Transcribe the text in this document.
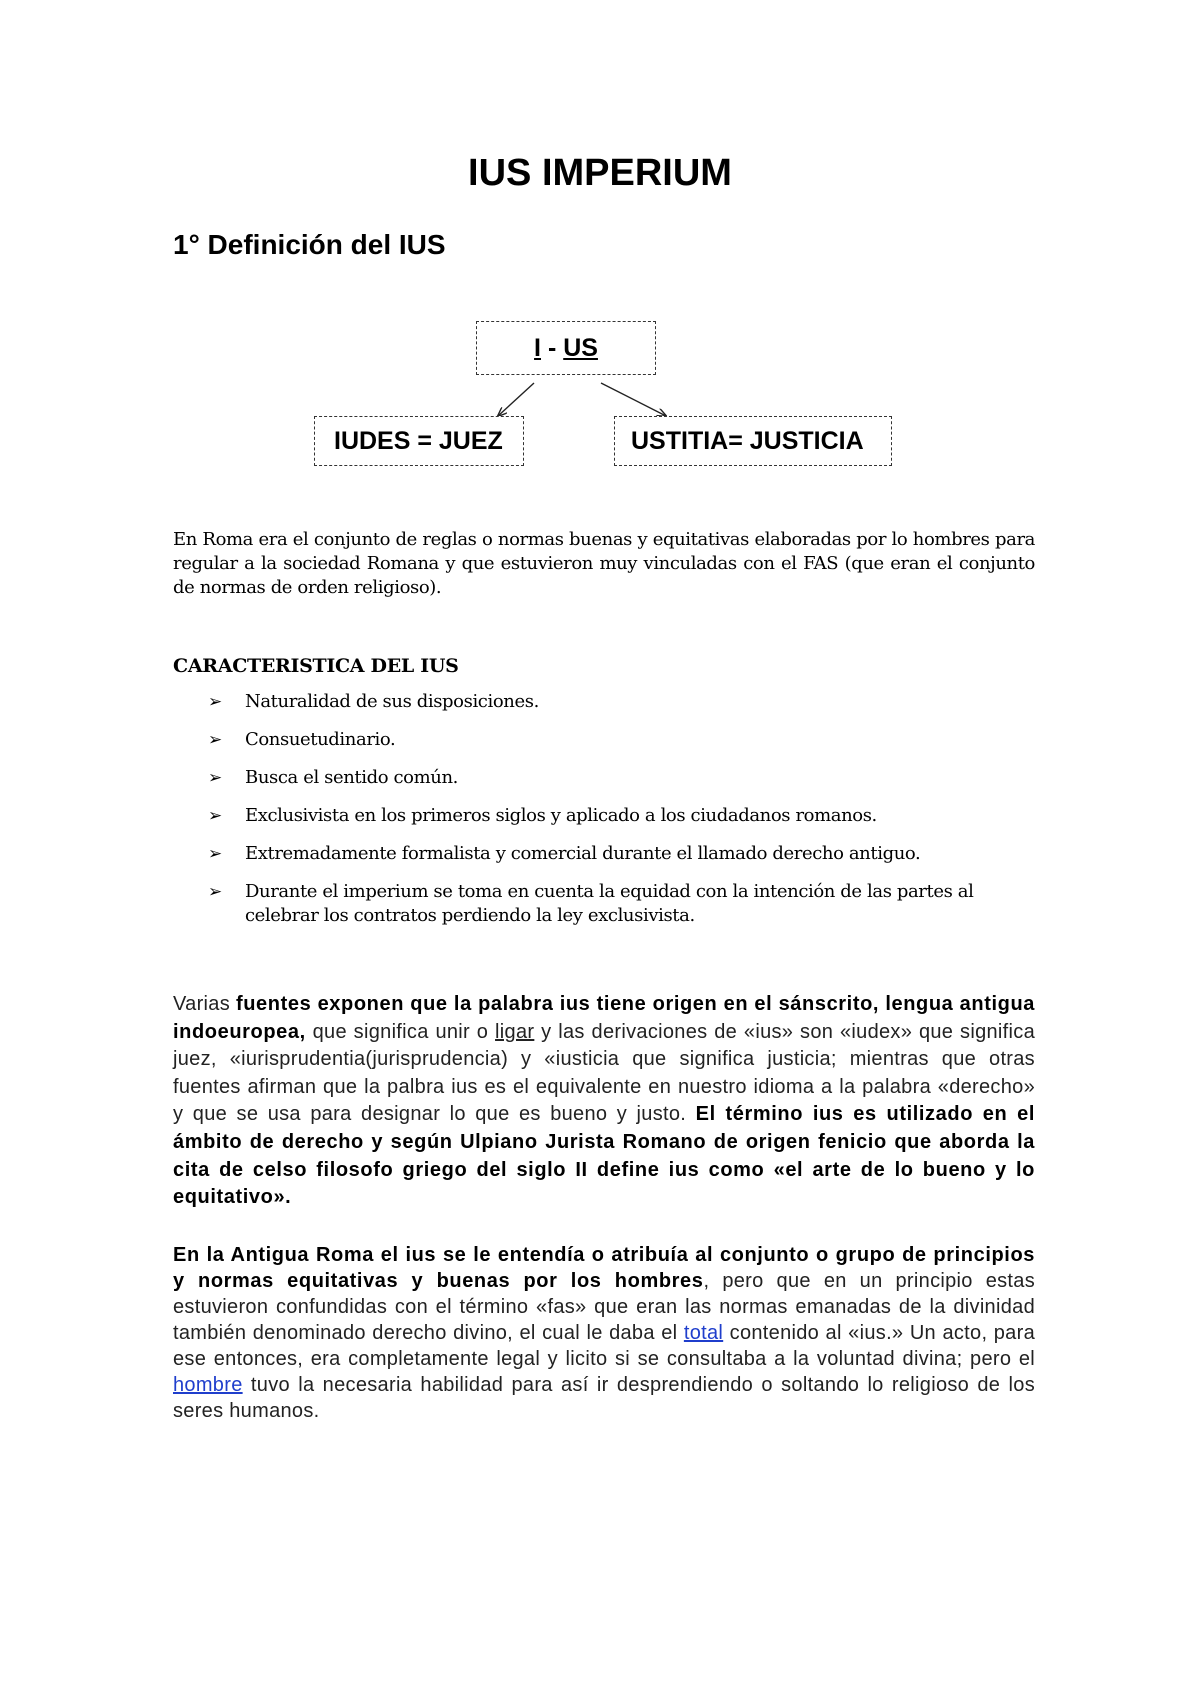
IUS IMPERIUM
1° Definición del IUS
I - US
IUDES = JUEZ	USTITIA= JUSTICIA

En Roma era el conjunto de reglas o normas buenas y equitativas elaboradas por lo hombres para regular a la sociedad Romana y que estuvieron muy vinculadas con el FAS (que eran el conjunto de normas de orden religioso).

CARACTERISTICA DEL IUS
➢ Naturalidad de sus disposiciones.
➢ Consuetudinario.
➢ Busca el sentido común.
➢ Exclusivista en los primeros siglos y aplicado a los ciudadanos romanos.
➢ Extremadamente formalista y comercial durante el llamado derecho antiguo.
➢ Durante el imperium se toma en cuenta la equidad con la intención de las partes al celebrar los contratos perdiendo la ley exclusivista.

Varias fuentes exponen que la palabra ius tiene origen en el sánscrito, lengua antigua indoeuropea, que significa unir o ligar y las derivaciones de «ius» son «iudex» que significa juez, «iurisprudentia(jurisprudencia) y «iusticia que significa justicia; mientras que otras fuentes afirman que la palbra ius es el equivalente en nuestro idioma a la palabra «derecho» y que se usa para designar lo que es bueno y justo. El término ius es utilizado en el ámbito de derecho y según Ulpiano Jurista Romano de origen fenicio que aborda la cita de celso filosofo griego del siglo II define ius como «el arte de lo bueno y lo equitativo».

En la Antigua Roma el ius se le entendía o atribuía al conjunto o grupo de principios y normas equitativas y buenas por los hombres, pero que en un principio estas estuvieron confundidas con el término «fas» que eran las normas emanadas de la divinidad también denominado derecho divino, el cual le daba el total contenido al «ius.» Un acto, para ese entonces, era completamente legal y licito si se consultaba a la voluntad divina; pero el hombre tuvo la necesaria habilidad para así ir desprendiendo o soltando lo religioso de los seres humanos.
